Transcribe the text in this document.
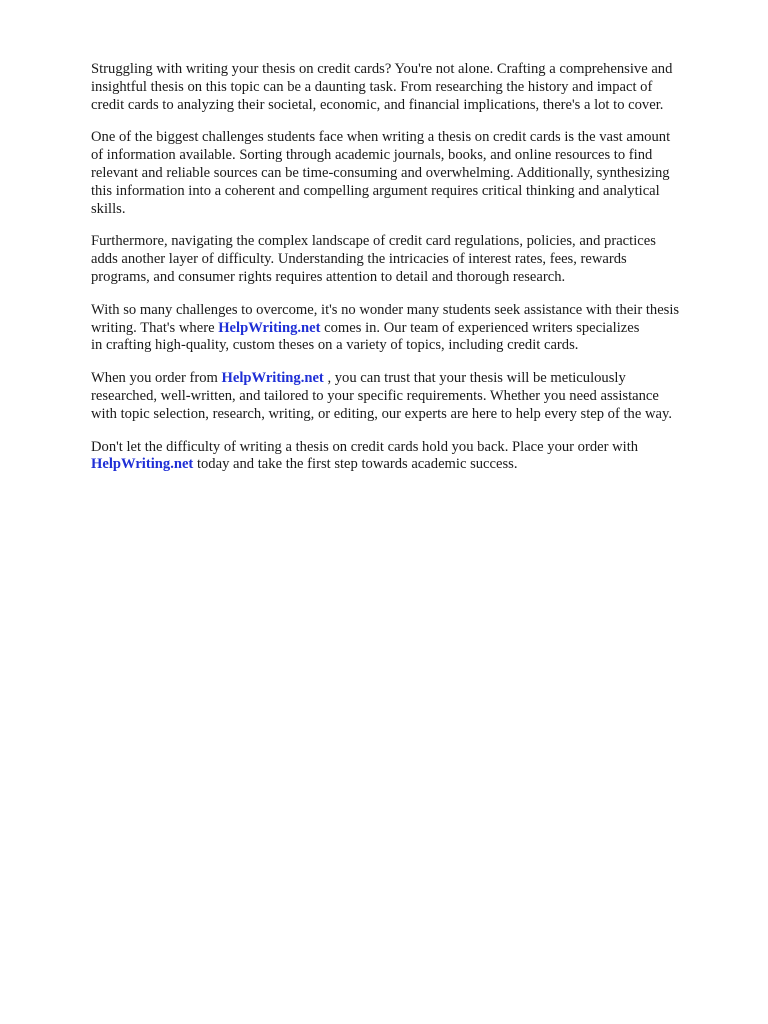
Struggling with writing your thesis on credit cards? You're not alone. Crafting a comprehensive and
insightful thesis on this topic can be a daunting task. From researching the history and impact of
credit cards to analyzing their societal, economic, and financial implications, there's a lot to cover.

One of the biggest challenges students face when writing a thesis on credit cards is the vast amount
of information available. Sorting through academic journals, books, and online resources to find
relevant and reliable sources can be time-consuming and overwhelming. Additionally, synthesizing
this information into a coherent and compelling argument requires critical thinking and analytical
skills.

Furthermore, navigating the complex landscape of credit card regulations, policies, and practices
adds another layer of difficulty. Understanding the intricacies of interest rates, fees, rewards
programs, and consumer rights requires attention to detail and thorough research.

With so many challenges to overcome, it's no wonder many students seek assistance with their thesis
writing. That's where HelpWriting.net comes in. Our team of experienced writers specializes
in crafting high-quality, custom theses on a variety of topics, including credit cards.

When you order from HelpWriting.net , you can trust that your thesis will be meticulously
researched, well-written, and tailored to your specific requirements. Whether you need assistance
with topic selection, research, writing, or editing, our experts are here to help every step of the way.

Don't let the difficulty of writing a thesis on credit cards hold you back. Place your order with
HelpWriting.net today and take the first step towards academic success.
